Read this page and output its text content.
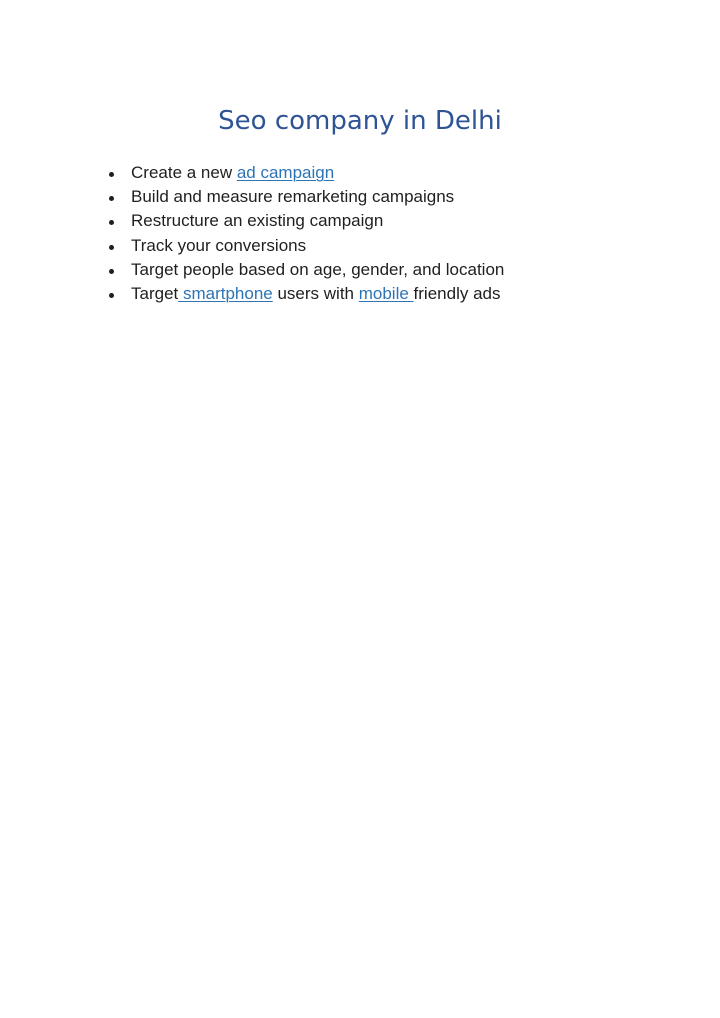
Seo company in Delhi
Create a new ad campaign
Build and measure remarketing campaigns
Restructure an existing campaign
Track your conversions
Target people based on age, gender, and location
Target smartphone users with mobile friendly ads
